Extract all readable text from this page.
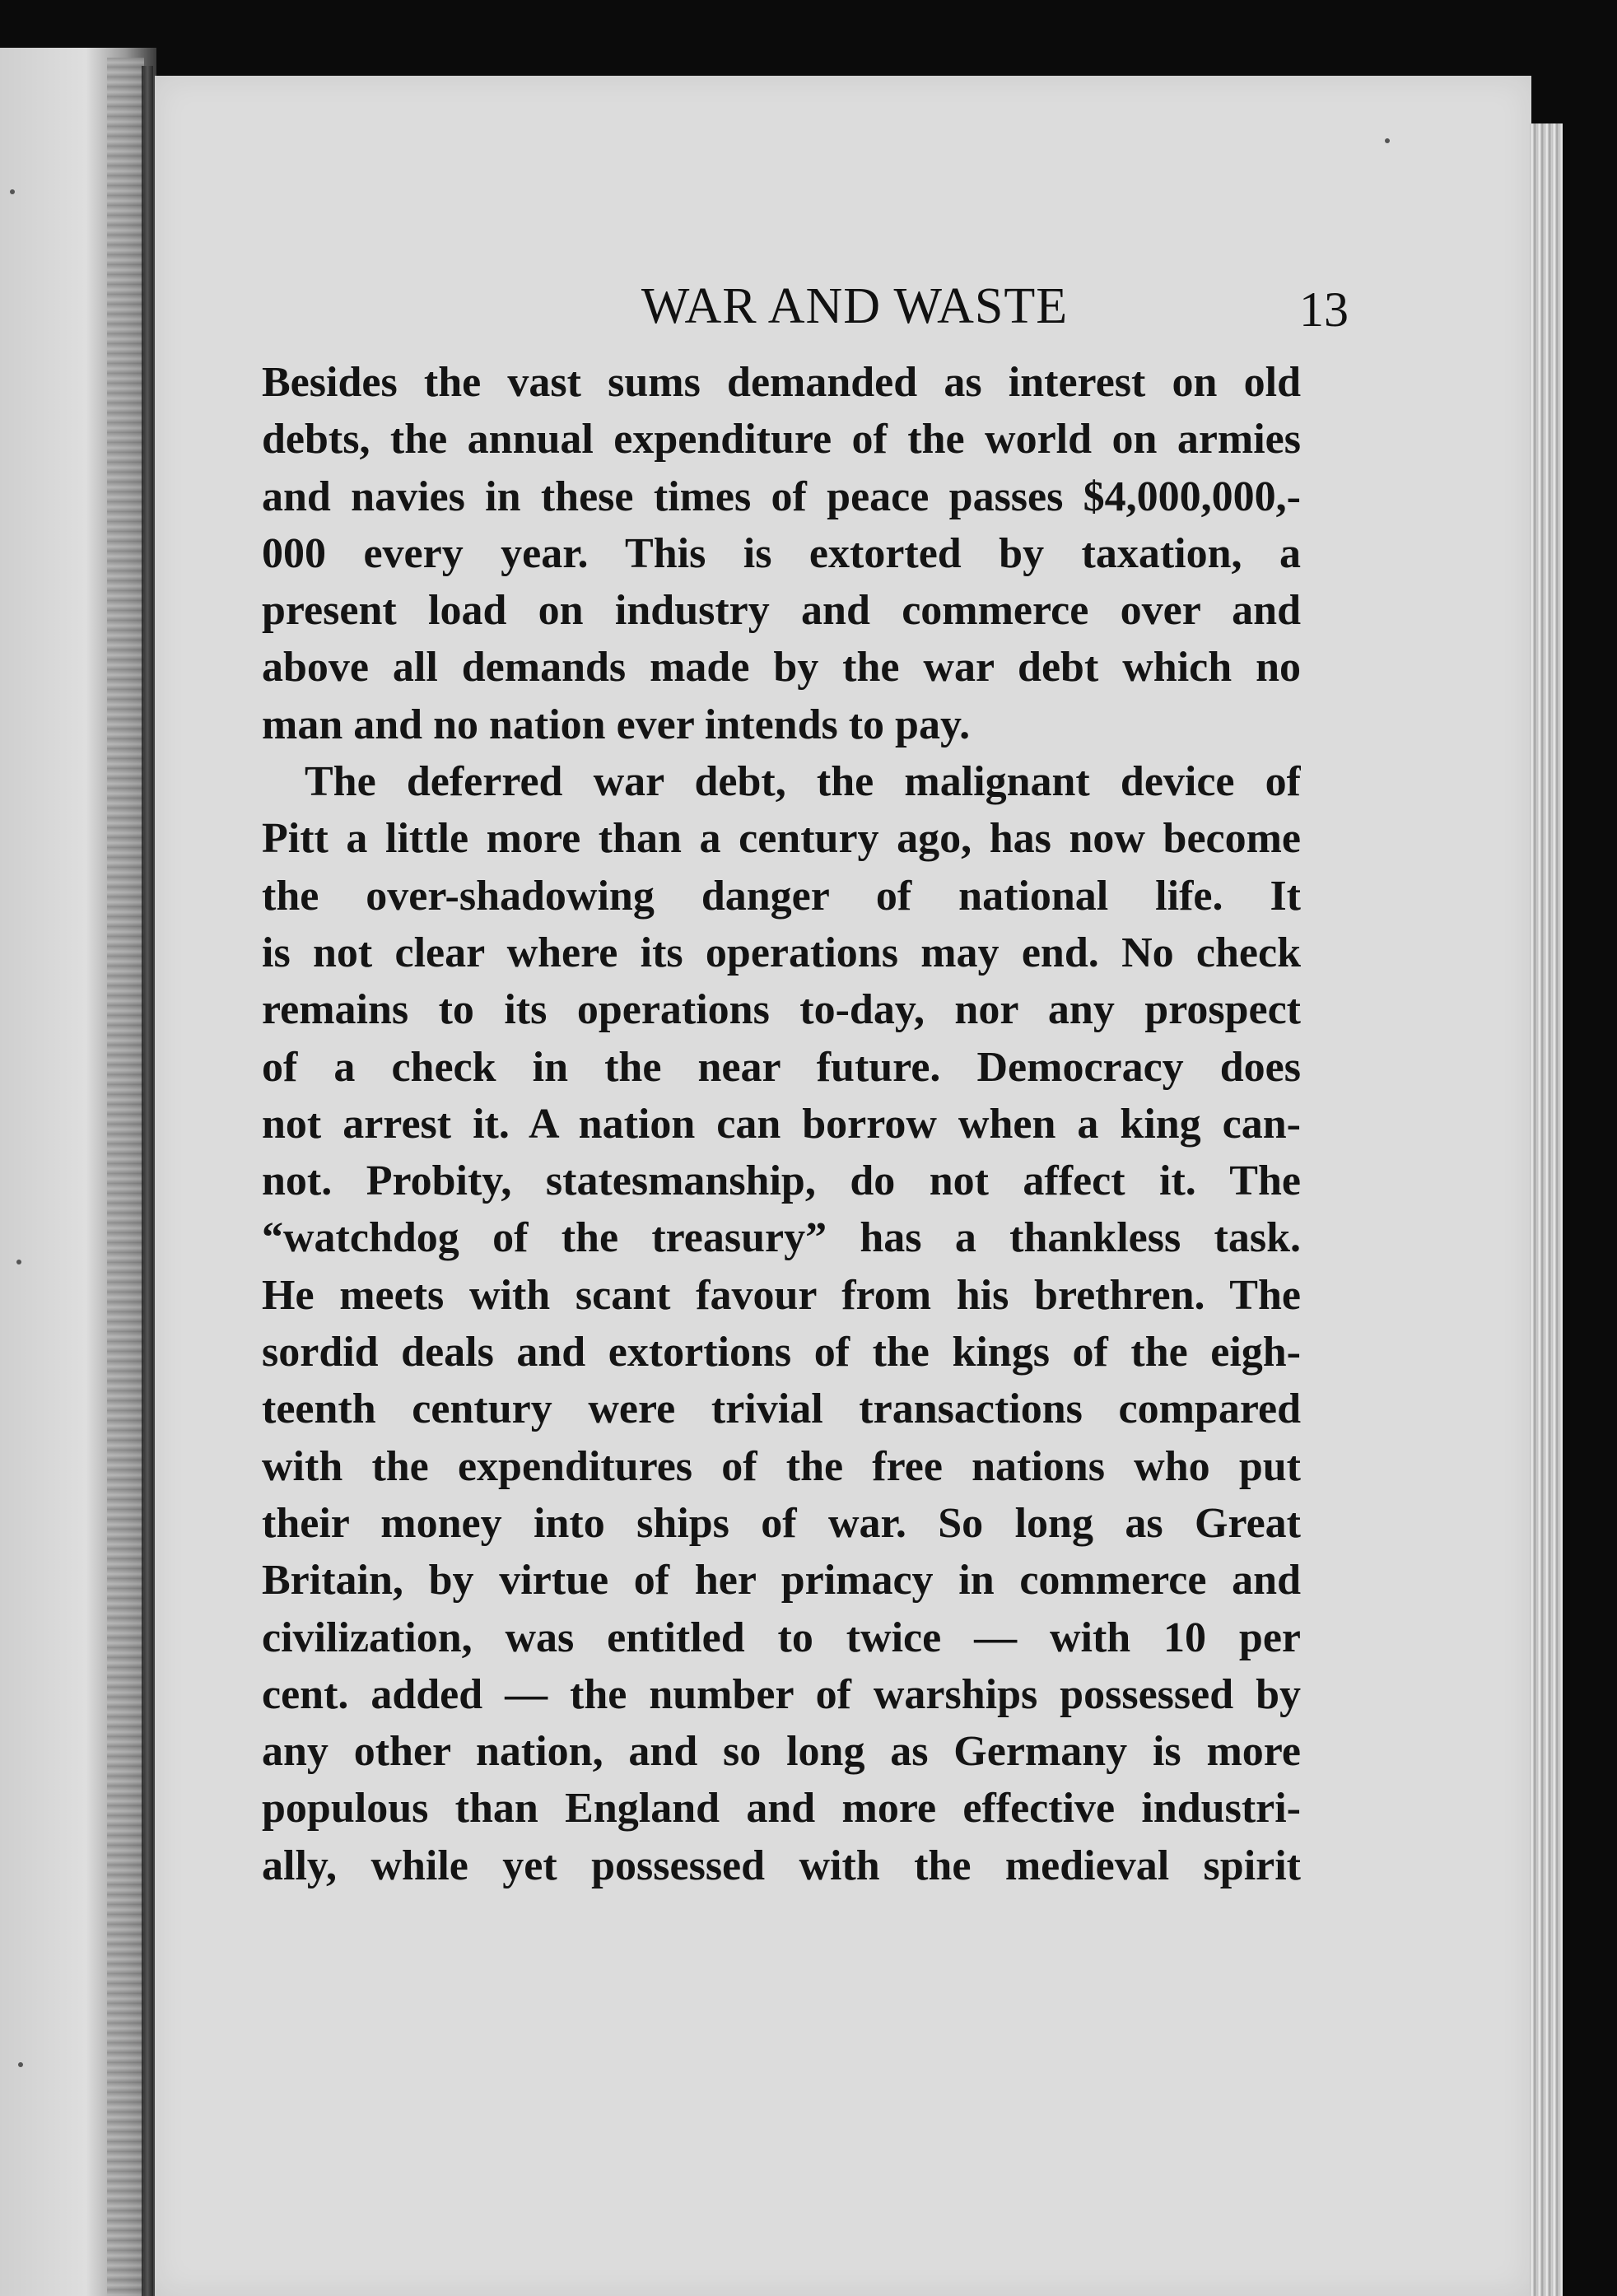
WAR AND WASTE	13
Besides the vast sums demanded as interest on old
debts, the annual expenditure of the world on armies
and navies in these times of peace passes $4,000,000,-
000 every year. This is extorted by taxation, a
present load on industry and commerce over and
above all demands made by the war debt which no
man and no nation ever intends to pay.
The deferred war debt, the malignant device of
Pitt a little more than a century ago, has now become
the over-shadowing danger of national life. It
is not clear where its operations may end. No check
remains to its operations to-day, nor any prospect
of a check in the near future. Democracy does
not arrest it. A nation can borrow when a king can-
not. Probity, statesmanship, do not affect it. The
“watchdog of the treasury” has a thankless task.
He meets with scant favour from his brethren. The
sordid deals and extortions of the kings of the eigh-
teenth century were trivial transactions compared
with the expenditures of the free nations who put
their money into ships of war. So long as Great
Britain, by virtue of her primacy in commerce and
civilization, was entitled to twice — with 10 per
cent. added — the number of warships possessed by
any other nation, and so long as Germany is more
populous than England and more effective industri-
ally, while yet possessed with the medieval spirit
